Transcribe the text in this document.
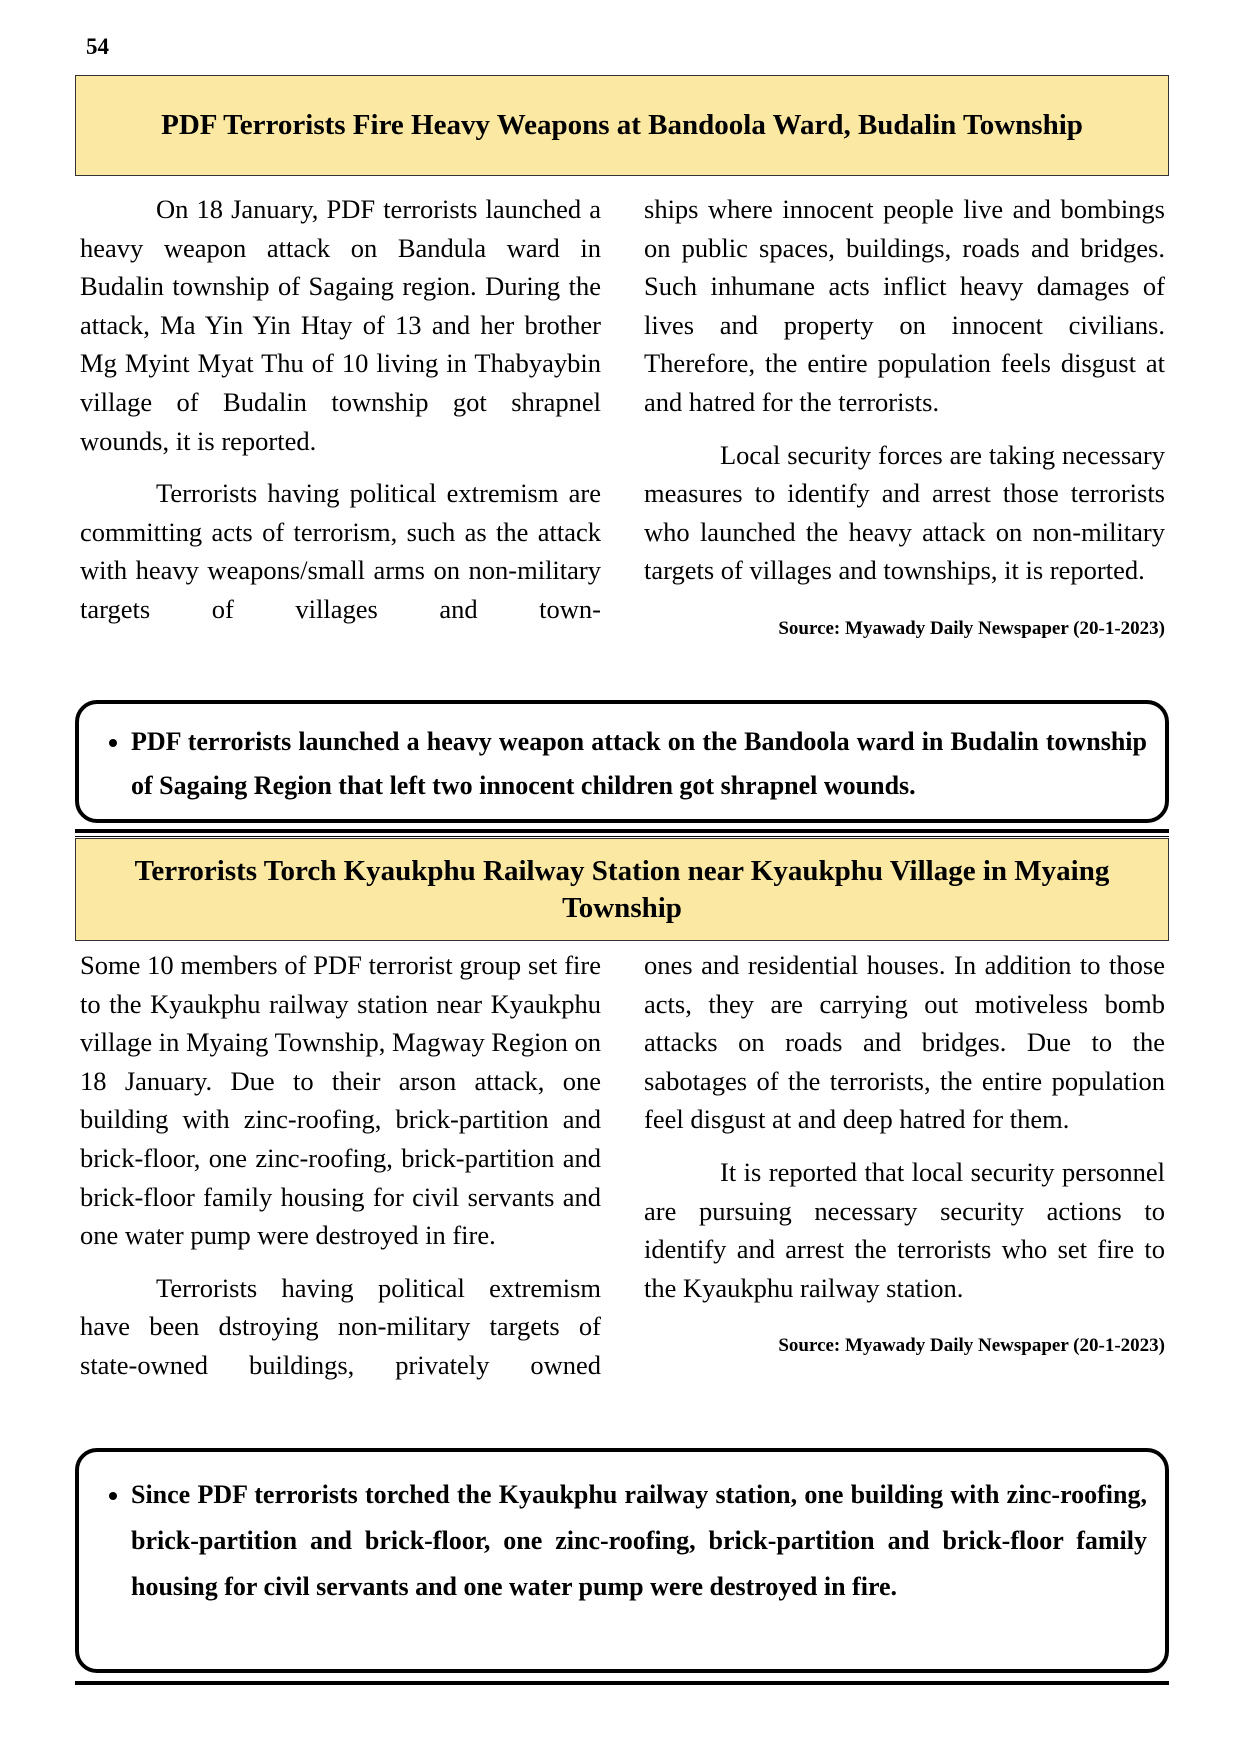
54
PDF Terrorists Fire Heavy Weapons at Bandoola Ward, Budalin Township

On 18 January, PDF terrorists launched a heavy weapon attack on Bandula ward in Budalin township of Sagaing region. During the attack, Ma Yin Yin Htay of 13 and her brother Mg Myint Myat Thu of 10 living in Thabyaybin village of Budalin township got shrapnel wounds, it is reported.

Terrorists having political extremism are committing acts of terrorism, such as the attack with heavy weapons/small arms on non-military targets of villages and town-

ships where innocent people live and bombings on public spaces, buildings, roads and bridges. Such inhumane acts inflict heavy damages of lives and property on innocent civilians. Therefore, the entire population feels disgust at and hatred for the terrorists.

Local security forces are taking necessary measures to identify and arrest those terrorists who launched the heavy attack on non-military targets of villages and townships, it is reported.

Source: Myawady Daily Newspaper (20-1-2023)

• PDF terrorists launched a heavy weapon attack on the Bandoola ward in Budalin township of Sagaing Region that left two innocent children got shrapnel wounds.
Terrorists Torch Kyaukphu Railway Station near Kyaukphu Village in Myaing Township

Some 10 members of PDF terrorist group set fire to the Kyaukphu railway station near Kyaukphu village in Myaing Township, Magway Region on 18 January. Due to their arson attack, one building with zinc-roofing, brick-partition and brick-floor, one zinc-roofing, brick-partition and brick-floor family housing for civil servants and one water pump were destroyed in fire.

Terrorists having political extremism have been dstroying non-military targets of state-owned buildings, privately owned

ones and residential houses. In addition to those acts, they are carrying out motiveless bomb attacks on roads and bridges. Due to the sabotages of the terrorists, the entire population feel disgust at and deep hatred for them.

It is reported that local security personnel are pursuing necessary security actions to identify and arrest the terrorists who set fire to the Kyaukphu railway station.

Source: Myawady Daily Newspaper (20-1-2023)

• Since PDF terrorists torched the Kyaukphu railway station, one building with zinc-roofing, brick-partition and brick-floor, one zinc-roofing, brick-partition and brick-floor family housing for civil servants and one water pump were destroyed in fire.
